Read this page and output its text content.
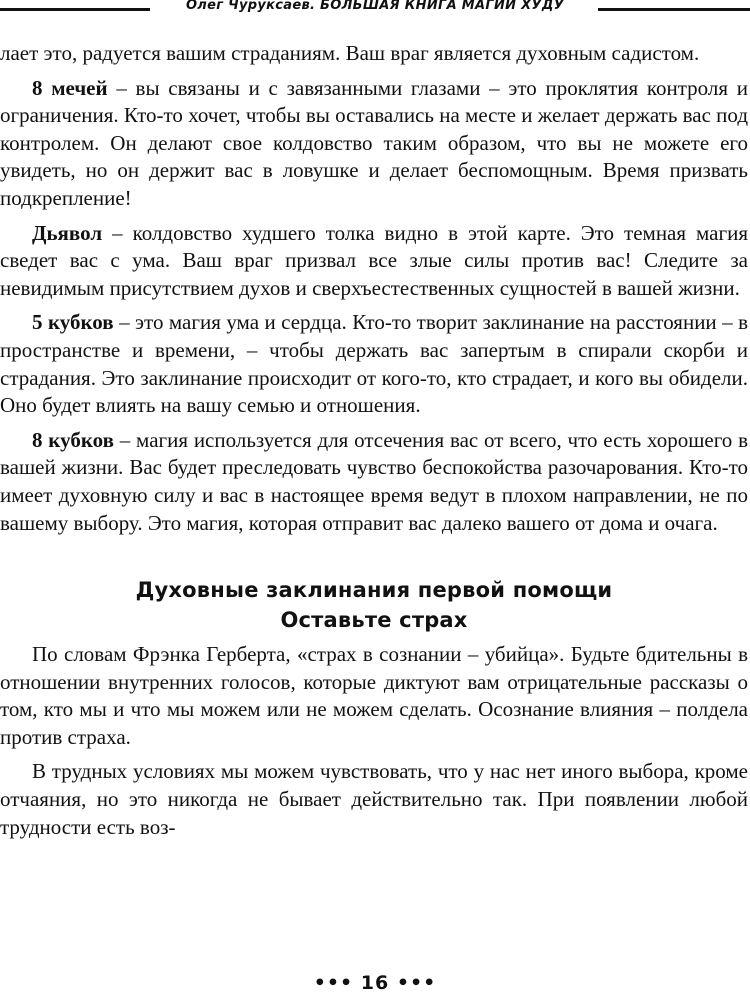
Олег Чуруксаев. БОЛЬШАЯ КНИГА МАГИИ ХУДУ

лает это, радуется вашим страданиям. Ваш враг является духовным садистом.

8 мечей – вы связаны и с завязанными глазами – это проклятия контроля и ограничения. Кто-то хочет, чтобы вы оставались на месте и желает держать вас под контролем. Он делают свое колдовство таким образом, что вы не можете его увидеть, но он держит вас в ловушке и делает беспомощным. Время призвать подкрепление!

Дьявол – колдовство худшего толка видно в этой карте. Это темная магия сведет вас с ума. Ваш враг призвал все злые силы против вас! Следите за невидимым присутствием духов и сверхъестественных сущностей в вашей жизни.

5 кубков – это магия ума и сердца. Кто-то творит заклинание на расстоянии – в пространстве и времени, – чтобы держать вас запертым в спирали скорби и страдания. Это заклинание происходит от кого-то, кто страдает, и кого вы обидели. Оно будет влиять на вашу семью и отношения.

8 кубков – магия используется для отсечения вас от всего, что есть хорошего в вашей жизни. Вас будет преследовать чувство беспокойства разочарования. Кто-то имеет духовную силу и вас в настоящее время ведут в плохом направлении, не по вашему выбору. Это магия, которая отправит вас далеко вашего от дома и очага.

Духовные заклинания первой помощи
Оставьте страх

По словам Фрэнка Герберта, «страх в сознании – убийца». Будьте бдительны в отношении внутренних голосов, которые диктуют вам отрицательные рассказы о том, кто мы и что мы можем или не можем сделать. Осознание влияния – полдела против страха.

В трудных условиях мы можем чувствовать, что у нас нет иного выбора, кроме отчаяния, но это никогда не бывает действительно так. При появлении любой трудности есть воз-

••• 16 •••
